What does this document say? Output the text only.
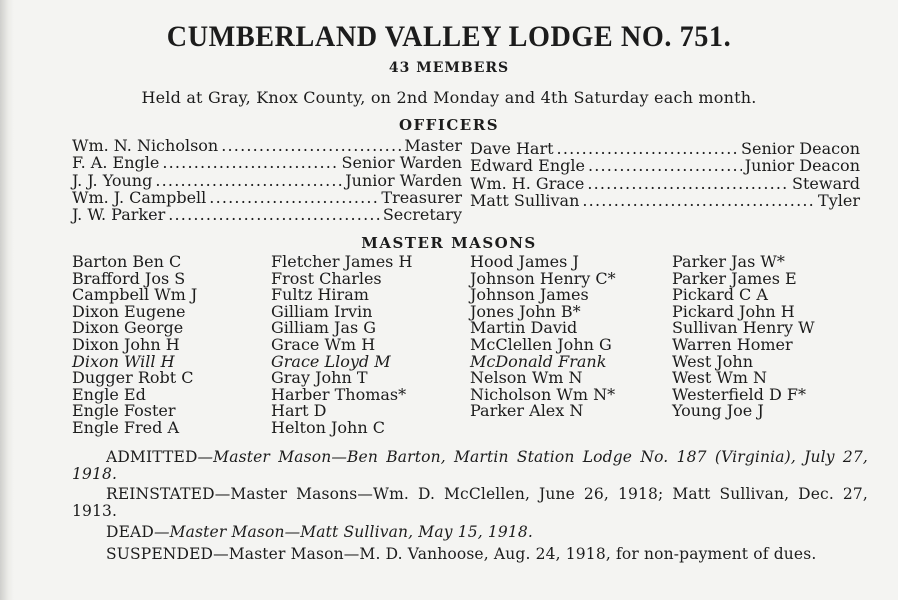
CUMBERLAND VALLEY LODGE NO. 751.
43 MEMBERS
Held at Gray, Knox County, on 2nd Monday and 4th Saturday each month.
OFFICERS
Wm. N. Nicholson .....	Master
F. A. Engle .....	Senior Warden
J. J. Young .....	Junior Warden
Wm. J. Campbell .....	Treasurer
J. W. Parker .....	Secretary
Dave Hart .....	Senior Deacon
Edward Engle .....	Junior Deacon
Wm. H. Grace .....	Steward
Matt Sullivan .....	Tyler
MASTER MASONS
Barton Ben C
Brafford Jos S
Campbell Wm J
Dixon Eugene
Dixon George
Dixon John H
Dixon Will H
Dugger Robt C
Engle Ed
Engle Foster
Engle Fred A
Fletcher James H
Frost Charles
Fultz Hiram
Gilliam Irvin
Gilliam Jas G
Grace Wm H
Grace Lloyd M
Gray John T
Harber Thomas*
Hart D
Helton John C
Hood James J
Johnson Henry C*
Johnson James
Jones John B*
Martin David
McClellen John G
McDonald Frank
Nelson Wm N
Nicholson Wm N*
Parker Alex N
Parker Jas W*
Parker James E
Pickard C A
Pickard John H
Sullivan Henry W
Warren Homer
West John
West Wm N
Westerfield D F*
Young Joe J
ADMITTED—Master Mason—Ben Barton, Martin Station Lodge No. 187 (Virginia), July 27, 1918.
REINSTATED—Master Masons—Wm. D. McClellen, June 26, 1918; Matt Sullivan, Dec. 27, 1913.
DEAD—Master Mason—Matt Sullivan, May 15, 1918.
SUSPENDED—Master Mason—M. D. Vanhoose, Aug. 24, 1918, for non-payment of dues.
